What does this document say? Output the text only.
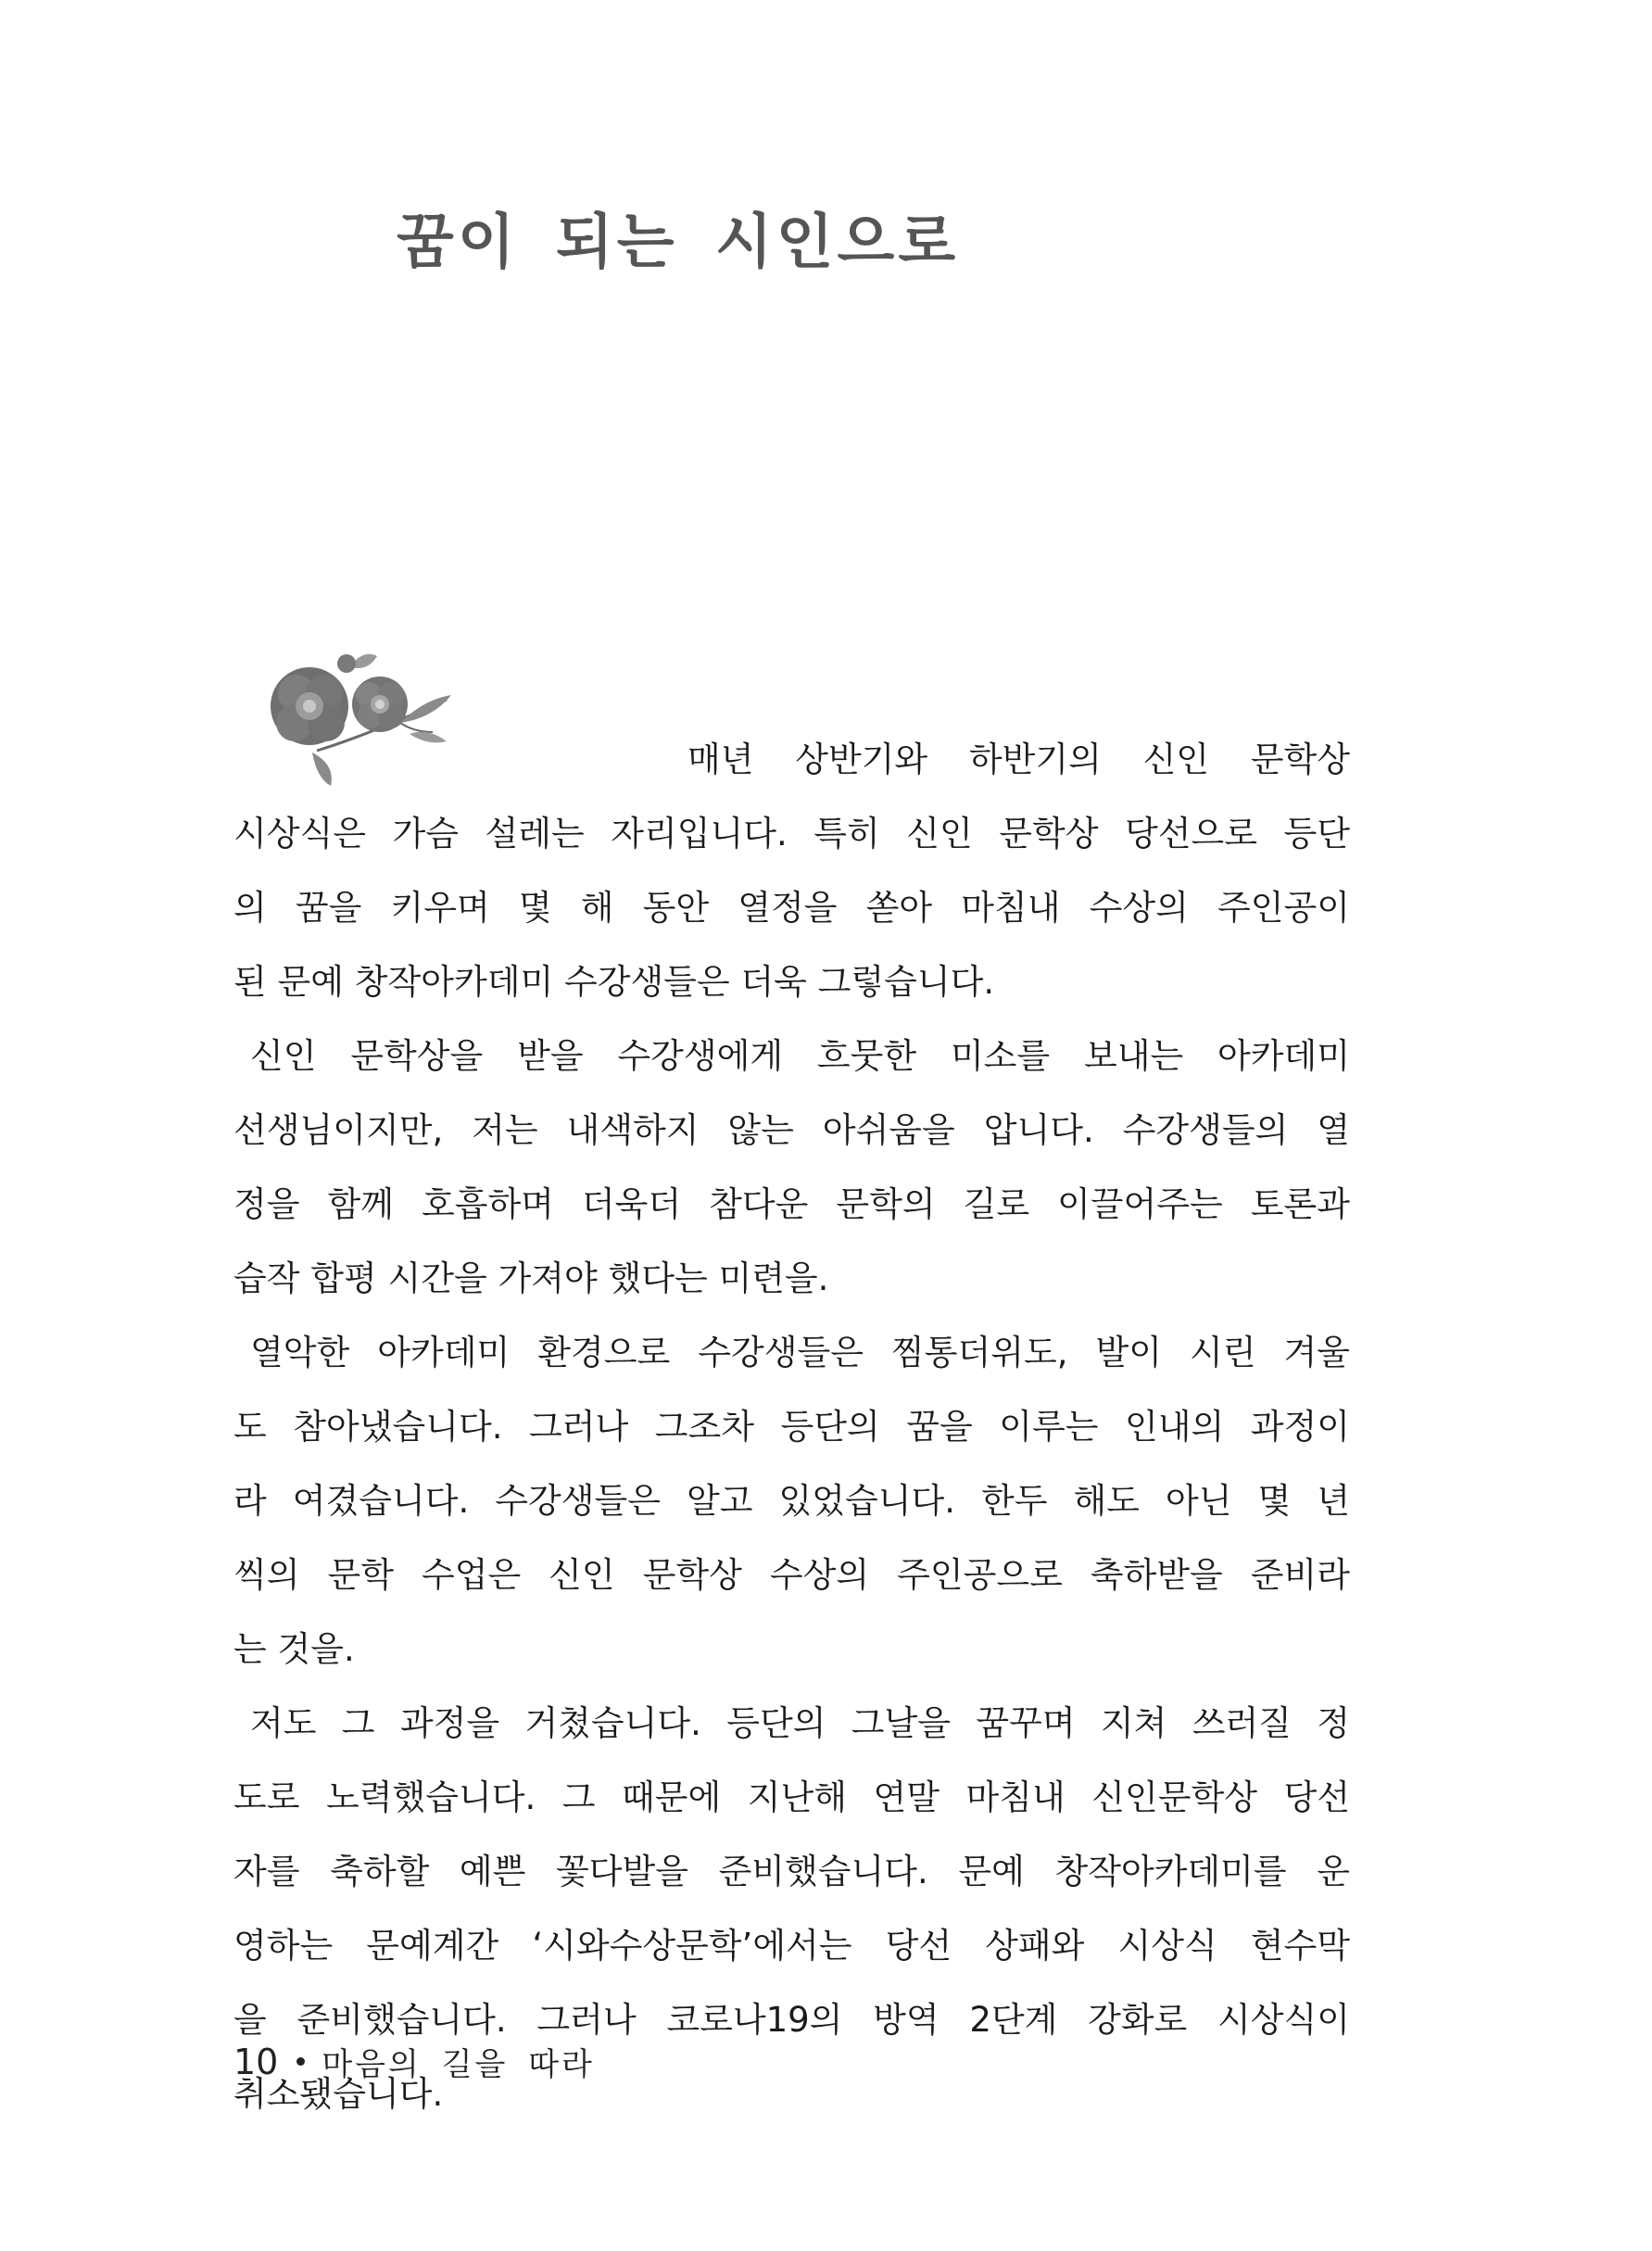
꿈이 되는 시인으로
매년 상반기와 하반기의 신인 문학상
시상식은 가슴 설레는 자리입니다. 특히 신인 문학상 당선으로 등단
의 꿈을 키우며 몇 해 동안 열정을 쏟아 마침내 수상의 주인공이
된 문예 창작아카데미 수강생들은 더욱 그렇습니다.
신인 문학상을 받을 수강생에게 흐뭇한 미소를 보내는 아카데미
선생님이지만, 저는 내색하지 않는 아쉬움을 압니다. 수강생들의 열
정을 함께 호흡하며 더욱더 참다운 문학의 길로 이끌어주는 토론과
습작 합평 시간을 가져야 했다는 미련을.
열악한 아카데미 환경으로 수강생들은 찜통더위도, 발이 시린 겨울
도 참아냈습니다. 그러나 그조차 등단의 꿈을 이루는 인내의 과정이
라 여겼습니다. 수강생들은 알고 있었습니다. 한두 해도 아닌 몇 년
씩의 문학 수업은 신인 문학상 수상의 주인공으로 축하받을 준비라
는 것을.
저도 그 과정을 거쳤습니다. 등단의 그날을 꿈꾸며 지쳐 쓰러질 정
도로 노력했습니다. 그 때문에 지난해 연말 마침내 신인문학상 당선
자를 축하할 예쁜 꽃다발을 준비했습니다. 문예 창작아카데미를 운
영하는 문예계간 ‘시와수상문학’에서는 당선 상패와 시상식 현수막
을 준비했습니다. 그러나 코로나19의 방역 2단계 강화로 시상식이
취소됐습니다.
10 마음의 길을 따라
